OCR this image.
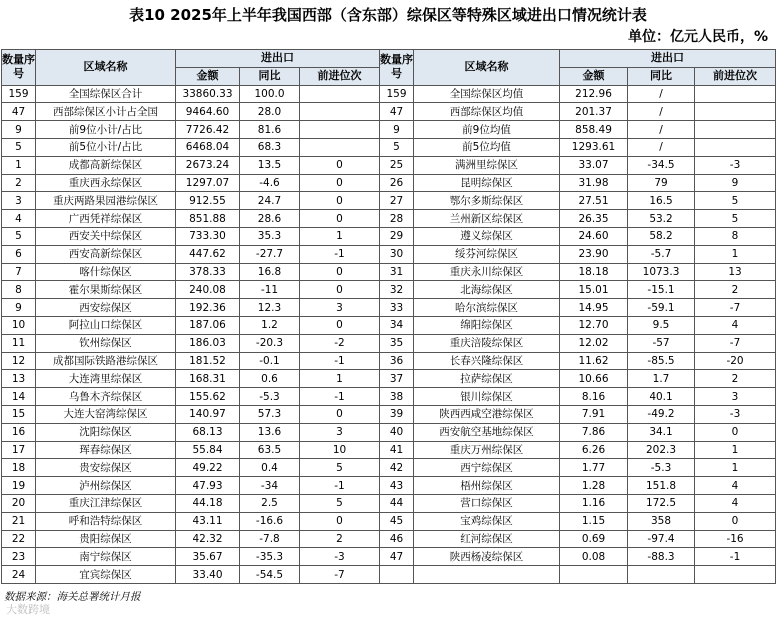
表10 2025年上半年我国西部（含东部）综保区等特殊区域进出口情况统计表
单位：亿元人民币，%
数量序号	区域名称	进出口			数量序号	区域名称	进出口		
		金额	同比	前进位次			金额	同比	前进位次
159	全国综保区合计	33860.33	100.0		159	全国综保区均值	212.96	/	
47	西部综保区小计占全国	9464.60	28.0		47	西部综保区均值	201.37	/	
9	前9位小计/占比	7726.42	81.6		9	前9位均值	858.49	/	
5	前5位小计/占比	6468.04	68.3		5	前5位均值	1293.61	/	
1	成都高新综保区	2673.24	13.5	0	25	满洲里综保区	33.07	-34.5	-3
2	重庆西永综保区	1297.07	-4.6	0	26	昆明综保区	31.98	79	9
3	重庆两路果园港综保区	912.55	24.7	0	27	鄂尔多斯综保区	27.51	16.5	5
4	广西凭祥综保区	851.88	28.6	0	28	兰州新区综保区	26.35	53.2	5
5	西安关中综保区	733.30	35.3	1	29	遵义综保区	24.60	58.2	8
6	西安高新综保区	447.62	-27.7	-1	30	绥芬河综保区	23.90	-5.7	1
7	喀什综保区	378.33	16.8	0	31	重庆永川综保区	18.18	1073.3	13
8	霍尔果斯综保区	240.08	-11	0	32	北海综保区	15.01	-15.1	2
9	西安综保区	192.36	12.3	3	33	哈尔滨综保区	14.95	-59.1	-7
10	阿拉山口综保区	187.06	1.2	0	34	绵阳综保区	12.70	9.5	4
11	钦州综保区	186.03	-20.3	-2	35	重庆涪陵综保区	12.02	-57	-7
12	成都国际铁路港综保区	181.52	-0.1	-1	36	长春兴隆综保区	11.62	-85.5	-20
13	大连湾里综保区	168.31	0.6	1	37	拉萨综保区	10.66	1.7	2
14	乌鲁木齐综保区	155.62	-5.3	-1	38	银川综保区	8.16	40.1	3
15	大连大窑湾综保区	140.97	57.3	0	39	陕西西咸空港综保区	7.91	-49.2	-3
16	沈阳综保区	68.13	13.6	3	40	西安航空基地综保区	7.86	34.1	0
17	珲春综保区	55.84	63.5	10	41	重庆万州综保区	6.26	202.3	1
18	贵安综保区	49.22	0.4	5	42	西宁综保区	1.77	-5.3	1
19	泸州综保区	47.93	-34	-1	43	梧州综保区	1.28	151.8	4
20	重庆江津综保区	44.18	2.5	5	44	营口综保区	1.16	172.5	4
21	呼和浩特综保区	43.11	-16.6	0	45	宝鸡综保区	1.15	358	0
22	贵阳综保区	42.32	-7.8	2	46	红河综保区	0.69	-97.4	-16
23	南宁综保区	35.67	-35.3	-3	47	陕西杨凌综保区	0.08	-88.3	-1
24	宜宾综保区	33.40	-54.5	-7					
数据来源：海关总署统计月报
大数跨境
